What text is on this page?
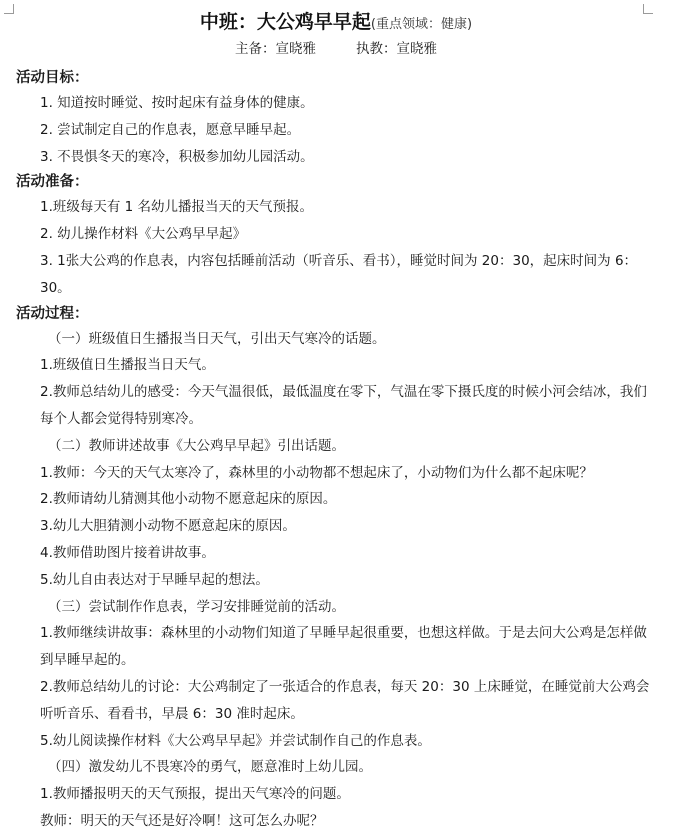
中班：大公鸡早早起(重点领域：健康)
主备：宣晓雅	执教：宣晓雅
活动目标：
1. 知道按时睡觉、按时起床有益身体的健康。
2. 尝试制定自己的作息表，愿意早睡早起。
3. 不畏惧冬天的寒冷，积极参加幼儿园活动。
活动准备：
1.班级每天有 1 名幼儿播报当天的天气预报。
2. 幼儿操作材料《大公鸡早早起》
3. 1张大公鸡的作息表，内容包括睡前活动（听音乐、看书），睡觉时间为 20：30，起床时间为 6：30。
活动过程：
（一）班级值日生播报当日天气，引出天气寒冷的话题。
1.班级值日生播报当日天气。
2.教师总结幼儿的感受：今天气温很低，最低温度在零下，气温在零下摄氏度的时候小河会结冰，我们每个人都会觉得特别寒冷。
（二）教师讲述故事《大公鸡早早起》引出话题。
1.教师：今天的天气太寒冷了，森林里的小动物都不想起床了，小动物们为什么都不起床呢？
2.教师请幼儿猜测其他小动物不愿意起床的原因。
3.幼儿大胆猜测小动物不愿意起床的原因。
4.教师借助图片接着讲故事。
5.幼儿自由表达对于早睡早起的想法。
（三）尝试制作作息表，学习安排睡觉前的活动。
1.教师继续讲故事：森林里的小动物们知道了早睡早起很重要，也想这样做。于是去问大公鸡是怎样做到早睡早起的。
2.教师总结幼儿的讨论：大公鸡制定了一张适合的作息表，每天 20：30 上床睡觉，在睡觉前大公鸡会听听音乐、看看书，早晨 6：30 准时起床。
5.幼儿阅读操作材料《大公鸡早早起》并尝试制作自己的作息表。
（四）激发幼儿不畏寒冷的勇气，愿意准时上幼儿园。
1.教师播报明天的天气预报，提出天气寒冷的问题。
教师：明天的天气还是好冷啊！这可怎么办呢？
